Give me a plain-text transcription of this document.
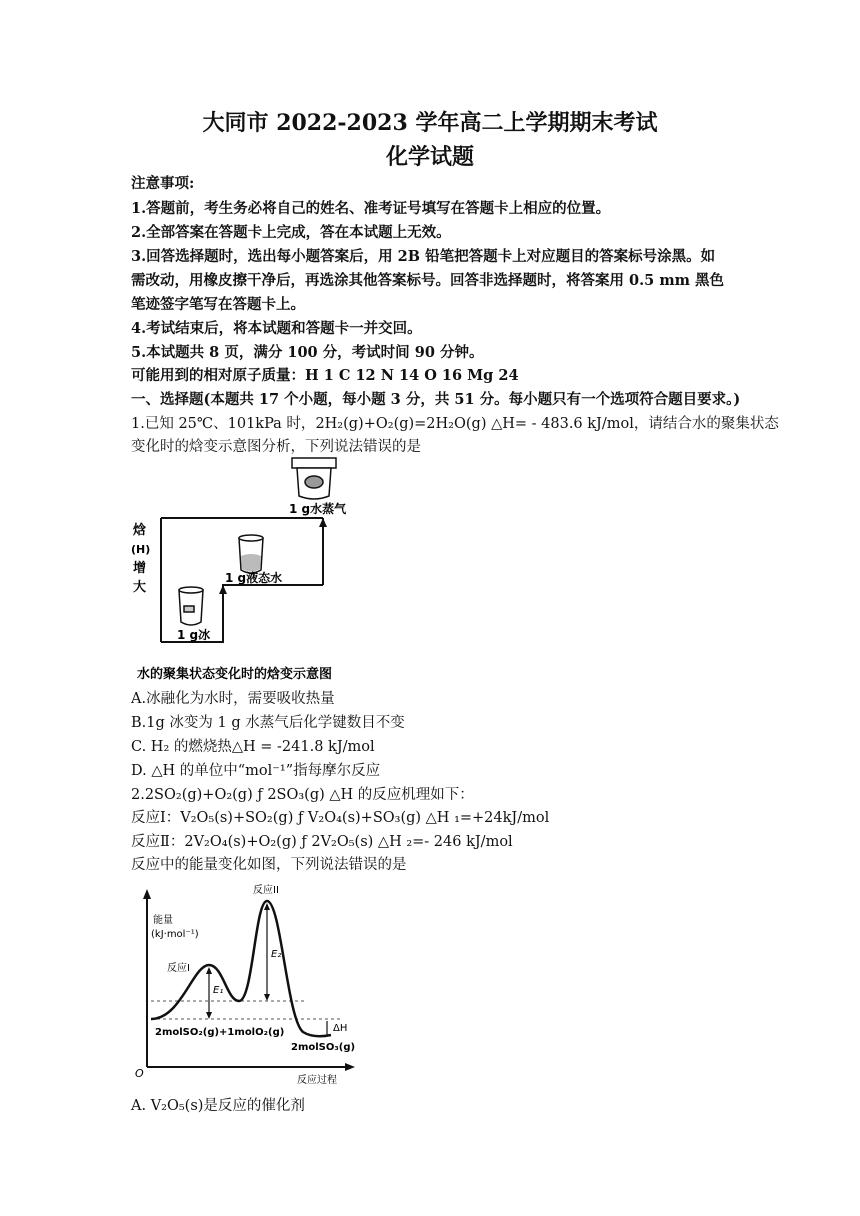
大同市 2022-2023 学年高二上学期期末考试
化学试题
注意事项:
1.答题前，考生务必将自己的姓名、准考证号填写在答题卡上相应的位置。
2.全部答案在答题卡上完成，答在本试题上无效。
3.回答选择题时，选出每小题答案后，用 2B 铅笔把答题卡上对应题目的答案标号涂黑。如
需改动，用橡皮擦干净后，再选涂其他答案标号。回答非选择题时，将答案用 0.5 mm 黑色
笔迹签字笔写在答题卡上。
4.考试结束后，将本试题和答题卡一并交回。
5.本试题共 8 页，满分 100 分，考试时间 90 分钟。
可能用到的相对原子质量：H 1 C 12 N 14 O 16 Mg 24
一、选择题(本题共 17 个小题，每小题 3 分，共 51 分。每小题只有一个选项符合题目要求。)
1.已知 25℃、101kPa 时，2H₂(g)+O₂(g)=2H₂O(g) △H= - 483.6 kJ/mol，请结合水的聚集状态
变化时的焓变示意图分析，下列说法错误的是
焓
(H)
增
大
1 g冰
1 g液态水
1 g水蒸气
水的聚集状态变化时的焓变示意图
A.冰融化为水时，需要吸收热量
B.1g 冰变为 1 g 水蒸气后化学键数目不变
C. H₂ 的燃烧热△H = -241.8 kJ/mol
D. △H 的单位中“mol⁻¹”指每摩尔反应
2.2SO₂(g)+O₂(g) ƒ 2SO₃(g) △H 的反应机理如下：
反应Ⅰ：V₂O₅(s)+SO₂(g) ƒ V₂O₄(s)+SO₃(g) △H ₁=+24kJ/mol
反应Ⅱ：2V₂O₄(s)+O₂(g) ƒ 2V₂O₅(s) △H ₂=- 246 kJ/mol
反应中的能量变化如图，下列说法错误的是
能量
(kJ·mol⁻¹)
反应I
反应II
E₁
E₂
ΔH
2molSO₂(g)+1molO₂(g)
2molSO₃(g)
O
反应过程
A. V₂O₅(s)是反应的催化剂
